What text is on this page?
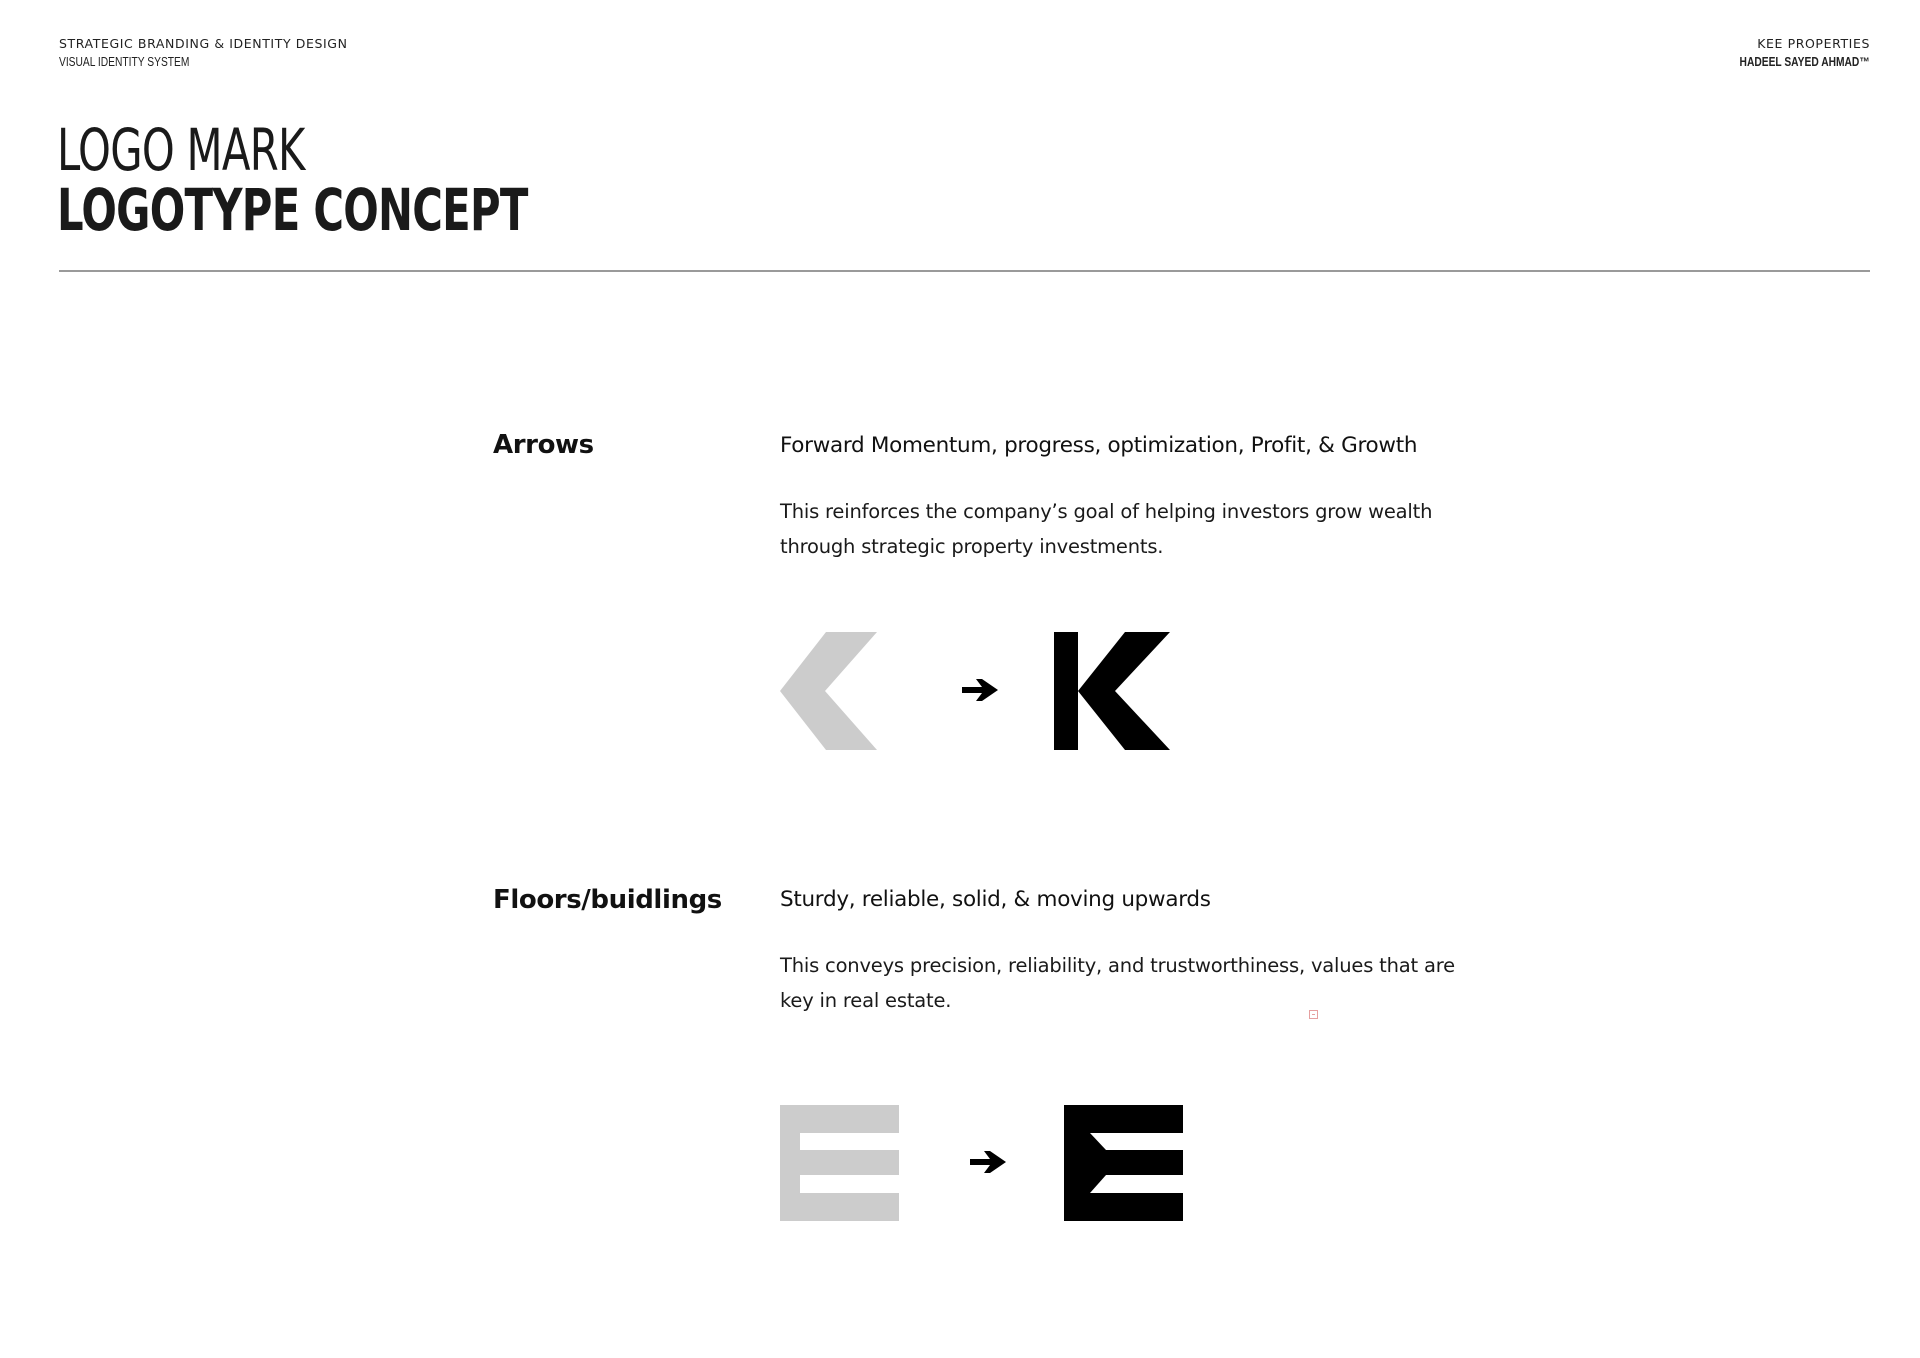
STRATEGIC BRANDING & IDENTITY DESIGN
VISUAL IDENTITY SYSTEM
KEE PROPERTIES
HADEEL SAYED AHMAD™
LOGO MARK
LOGOTYPE CONCEPT
Arrows	Forward Momentum, progress, optimization, Profit, & Growth
This reinforces the company’s goal of helping investors grow wealth through strategic property investments.
Floors/buidlings	Sturdy, reliable, solid, & moving upwards
This conveys precision, reliability, and trustworthiness, values that are key in real estate.
